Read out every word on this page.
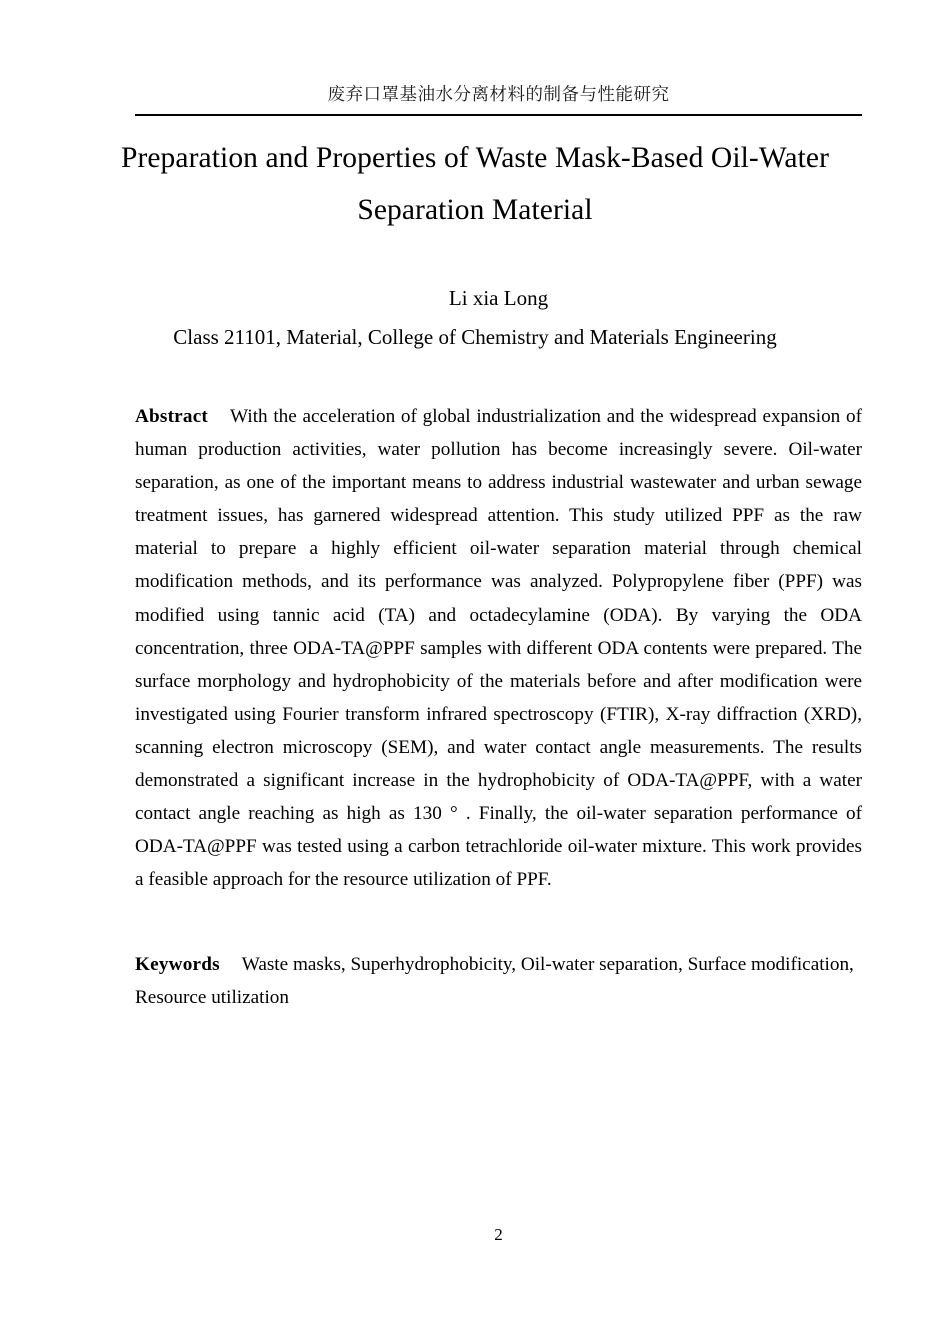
废弃口罩基油水分离材料的制备与性能研究
Preparation and Properties of Waste Mask-Based Oil-Water Separation Material
Li xia Long
Class 21101, Material, College of Chemistry and Materials Engineering
Abstract With the acceleration of global industrialization and the widespread expansion of human production activities, water pollution has become increasingly severe. Oil-water separation, as one of the important means to address industrial wastewater and urban sewage treatment issues, has garnered widespread attention. This study utilized PPF as the raw material to prepare a highly efficient oil-water separation material through chemical modification methods, and its performance was analyzed. Polypropylene fiber (PPF) was modified using tannic acid (TA) and octadecylamine (ODA). By varying the ODA concentration, three ODA-TA@PPF samples with different ODA contents were prepared. The surface morphology and hydrophobicity of the materials before and after modification were investigated using Fourier transform infrared spectroscopy (FTIR), X-ray diffraction (XRD), scanning electron microscopy (SEM), and water contact angle measurements. The results demonstrated a significant increase in the hydrophobicity of ODA-TA@PPF, with a water contact angle reaching as high as 130 ° . Finally, the oil-water separation performance of ODA-TA@PPF was tested using a carbon tetrachloride oil-water mixture. This work provides a feasible approach for the resource utilization of PPF.
Keywords Waste masks, Superhydrophobicity, Oil-water separation, Surface modification, Resource utilization
2
